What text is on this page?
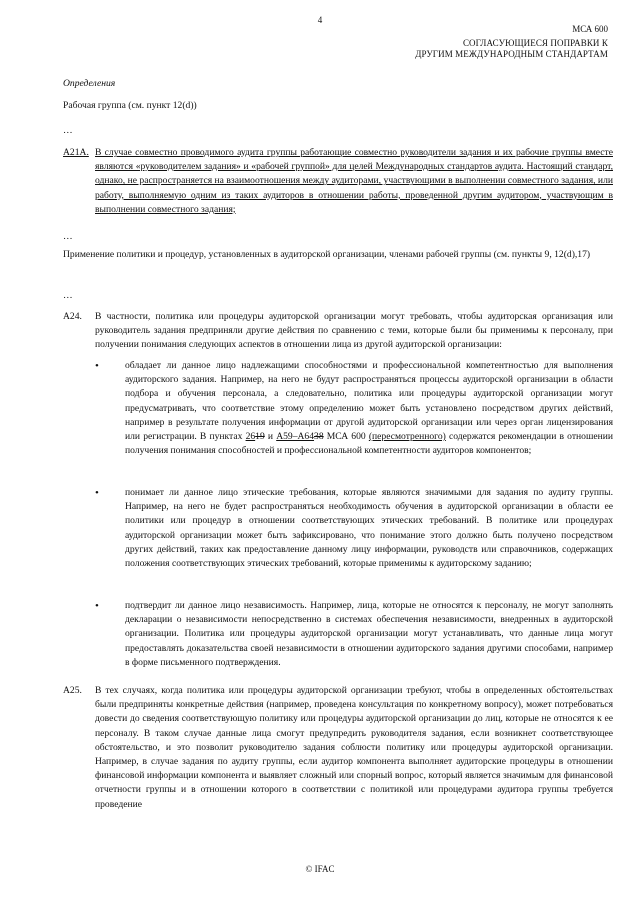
4
МСА 600
СОГЛАСУЮЩИЕСЯ ПОПРАВКИ К
ДРУГИМ МЕЖДУНАРОДНЫМ СТАНДАРТАМ
Определения
Рабочая группа (см. пункт 12(d))
…
A21A. В случае совместно проводимого аудита группы работающие совместно руководители задания и их рабочие группы вместе являются «руководителем задания» и «рабочей группой» для целей Международных стандартов аудита. Настоящий стандарт, однако, не распространяется на взаимоотношения между аудиторами, участвующими в выполнении совместного задания, или работу, выполняемую одним из таких аудиторов в отношении работы, проведенной другим аудитором, участвующим в выполнении совместного задания;
…
Применение политики и процедур, установленных в аудиторской организации, членами рабочей группы (см. пункты 9, 12(d),17)
…
A24. В частности, политика или процедуры аудиторской организации могут требовать, чтобы аудиторская организация или руководитель задания предприняли другие действия по сравнению с теми, которые были бы применимы к персоналу, при получении понимания следующих аспектов в отношении лица из другой аудиторской организации:
•	обладает ли данное лицо надлежащими способностями и профессиональной компетентностью для выполнения аудиторского задания. Например, на него не будут распространяться процессы аудиторской организации в области подбора и обучения персонала, а следовательно, политика или процедуры аудиторской организации могут предусматривать, что соответствие этому определению может быть установлено посредством других действий, например в результате получения информации от другой аудиторской организации или через орган лицензирования или регистрации. В пунктах 2619 и A59–A6438 МСА 600 (пересмотренного) содержатся рекомендации в отношении получения понимания способностей и профессиональной компетентности аудиторов компонентов;
•	понимает ли данное лицо этические требования, которые являются значимыми для задания по аудиту группы. Например, на него не будет распространяться необходимость обучения в аудиторской организации в области ее политики или процедур в отношении соответствующих этических требований. В политике или процедурах аудиторской организации может быть зафиксировано, что понимание этого должно быть получено посредством других действий, таких как предоставление данному лицу информации, руководств или справочников, содержащих положения соответствующих этических требований, которые применимы к аудиторскому заданию;
•	подтвердит ли данное лицо независимость. Например, лица, которые не относятся к персоналу, не могут заполнять декларации о независимости непосредственно в системах обеспечения независимости, внедренных в аудиторской организации. Политика или процедуры аудиторской организации могут устанавливать, что данные лица могут предоставлять доказательства своей независимости в отношении аудиторского задания другими способами, например в форме письменного подтверждения.
A25. В тех случаях, когда политика или процедуры аудиторской организации требуют, чтобы в определенных обстоятельствах были предприняты конкретные действия (например, проведена консультация по конкретному вопросу), может потребоваться довести до сведения соответствующую политику или процедуры аудиторской организации до лиц, которые не относятся к ее персоналу. В таком случае данные лица смогут предупредить руководителя задания, если возникнет соответствующее обстоятельство, и это позволит руководителю задания соблюсти политику или процедуры аудиторской организации. Например, в случае задания по аудиту группы, если аудитор компонента выполняет аудиторские процедуры в отношении финансовой информации компонента и выявляет сложный или спорный вопрос, который является значимым для финансовой отчетности группы и в отношении которого в соответствии с политикой или процедурами аудитора группы требуется проведение
© IFAC
